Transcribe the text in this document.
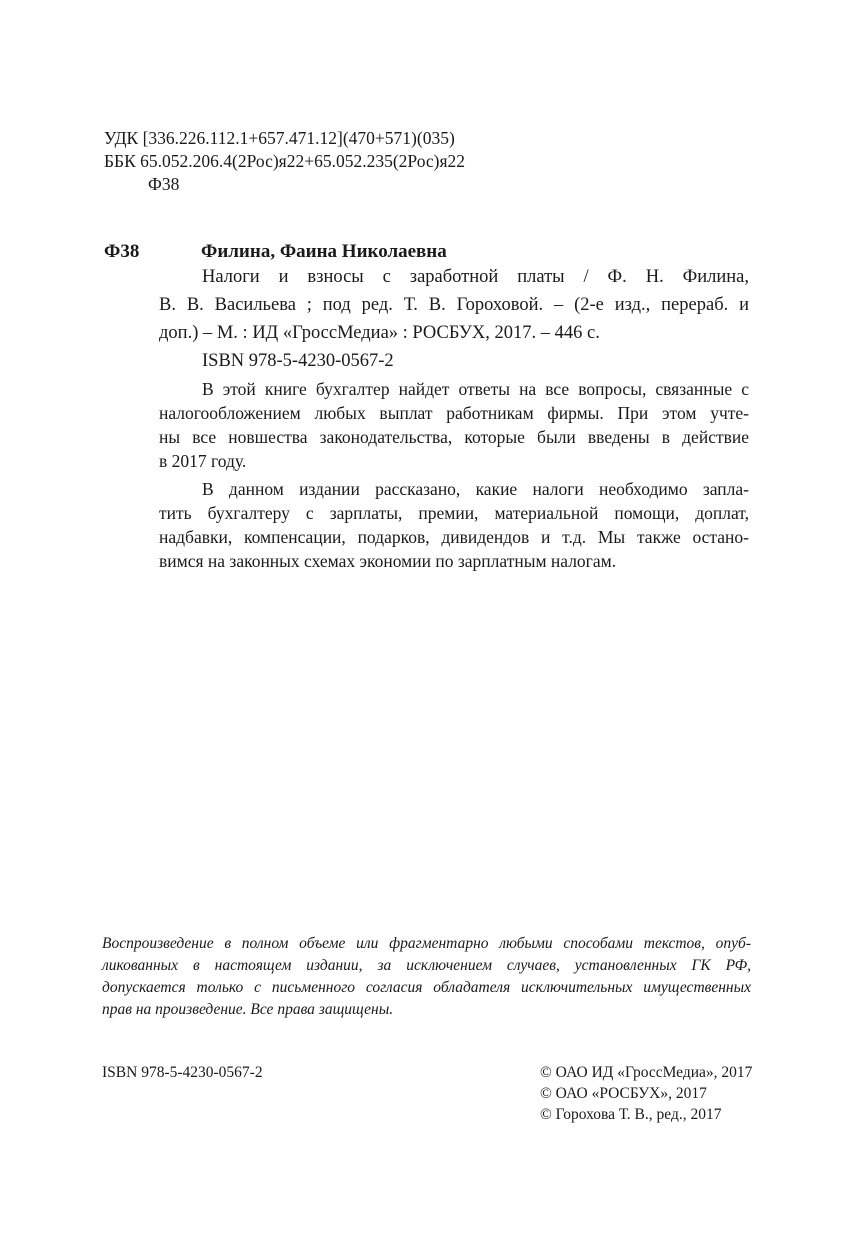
УДК [336.226.112.1+657.471.12](470+571)(035)
ББК 65.052.206.4(2Рос)я22+65.052.235(2Рос)я22
Ф38
Ф38	Филина, Фаина Николаевна
Налоги и взносы с заработной платы / Ф. Н. Филина,
В. В. Васильева ; под ред. Т. В. Гороховой. – (2-е изд., перераб. и
доп.) – М. : ИД «ГроссМедиа» : РОСБУХ, 2017. – 446 с.
ISBN 978-5-4230-0567-2
В этой книге бухгалтер найдет ответы на все вопросы, связанные с
налогообложением любых выплат работникам фирмы. При этом учте-
ны все новшества законодательства, которые были введены в действие
в 2017 году.
В данном издании рассказано, какие налоги необходимо запла-
тить бухгалтеру с зарплаты, премии, материальной помощи, доплат,
надбавки, компенсации, подарков, дивидендов и т.д. Мы также остано-
вимся на законных схемах экономии по зарплатным налогам.
Воспроизведение в полном объеме или фрагментарно любыми способами текстов, опуб-
ликованных в настоящем издании, за исключением случаев, установленных ГК РФ,
допускается только с письменного согласия обладателя исключительных имущественных
прав на произведение. Все права защищены.
ISBN 978-5-4230-0567-2	© ОАО ИД «ГроссМедиа», 2017
© ОАО «РОСБУХ», 2017
© Горохова Т. В., ред., 2017
